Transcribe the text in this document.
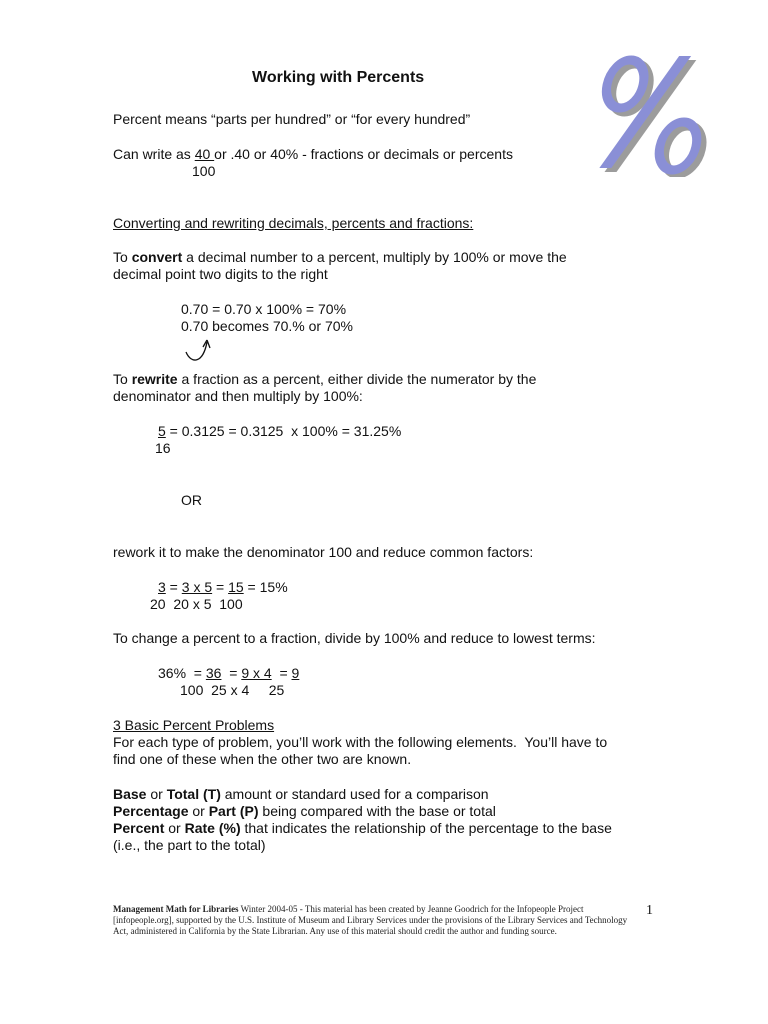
Working with Percents
Percent means “parts per hundred” or “for every hundred”
Can write as 40 or .40 or 40% - fractions or decimals or percents
100
Converting and rewriting decimals, percents and fractions:
To convert a decimal number to a percent, multiply by 100% or move the
decimal point two digits to the right
0.70 = 0.70 x 100% = 70%
0.70 becomes 70.% or 70%
To rewrite a fraction as a percent, either divide the numerator by the
denominator and then multiply by 100%:
5 = 0.3125 = 0.3125  x 100% = 31.25%
16
OR
rework it to make the denominator 100 and reduce common factors:
3 = 3 x 5 = 15 = 15%
20  20 x 5  100
To change a percent to a fraction, divide by 100% and reduce to lowest terms:
36%  = 36  = 9 x 4  = 9
100  25 x 4     25
3 Basic Percent Problems
For each type of problem, you’ll work with the following elements.  You’ll have to
find one of these when the other two are known.
Base or Total (T) amount or standard used for a comparison
Percentage or Part (P) being compared with the base or total
Percent or Rate (%) that indicates the relationship of the percentage to the base
(i.e., the part to the total)
Management Math for Libraries Winter 2004-05 - This material has been created by Jeanne Goodrich for the Infopeople Project [infopeople.org], supported by the U.S. Institute of Museum and Library Services under the provisions of the Library Services and Technology Act, administered in California by the State Librarian. Any use of this material should credit the author and funding source.
1
